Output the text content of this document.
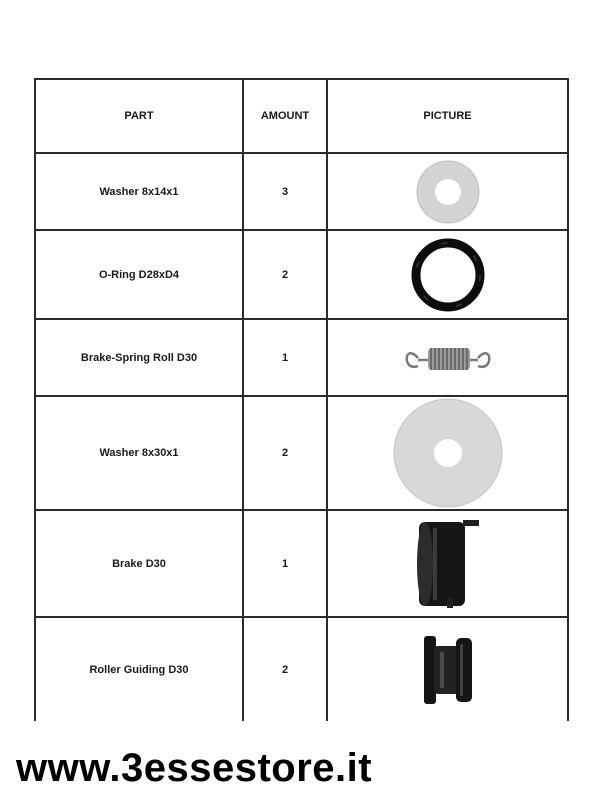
PART	AMOUNT	PICTURE
Washer 8x14x1	3	

O-Ring D28xD4	2	

Brake-Spring Roll D30	1	

Washer 8x30x1	2	

Brake D30	1	

Roller Guiding D30	2	
www.3essestore.it
